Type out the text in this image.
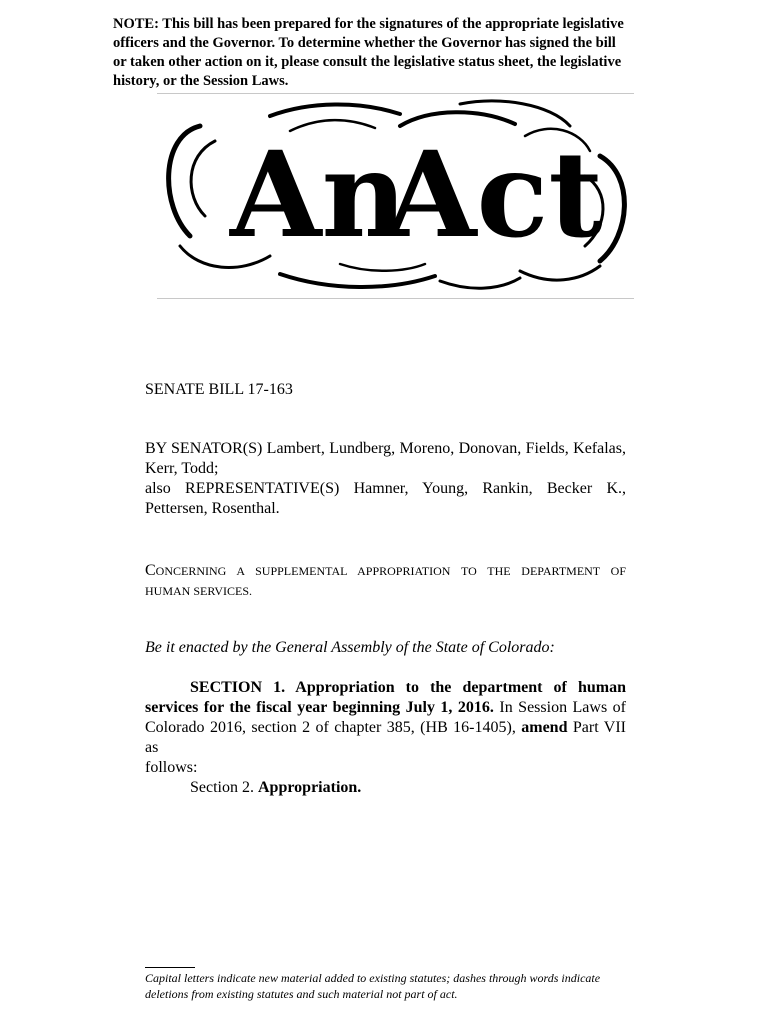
NOTE: This bill has been prepared for the signatures of the appropriate legislative
officers and the Governor. To determine whether the Governor has signed the bill
or taken other action on it, please consult the legislative status sheet, the legislative
history, or the Session Laws.
An
Act
SENATE BILL 17-163
BY SENATOR(S) Lambert, Lundberg, Moreno, Donovan, Fields, Kefalas,
Kerr, Todd;
also REPRESENTATIVE(S) Hamner, Young, Rankin, Becker K.,
Pettersen, Rosenthal.
CONCERNING A SUPPLEMENTAL APPROPRIATION TO THE DEPARTMENT OF
HUMAN SERVICES.
Be it enacted by the General Assembly of the State of Colorado:
SECTION 1. Appropriation to the department of human
services for the fiscal year beginning July 1, 2016. In Session Laws of
Colorado 2016, section 2 of chapter 385, (HB 16-1405), amend Part VII as
follows:
Section 2. Appropriation.
Capital letters indicate new material added to existing statutes; dashes through words indicate
deletions from existing statutes and such material not part of act.
